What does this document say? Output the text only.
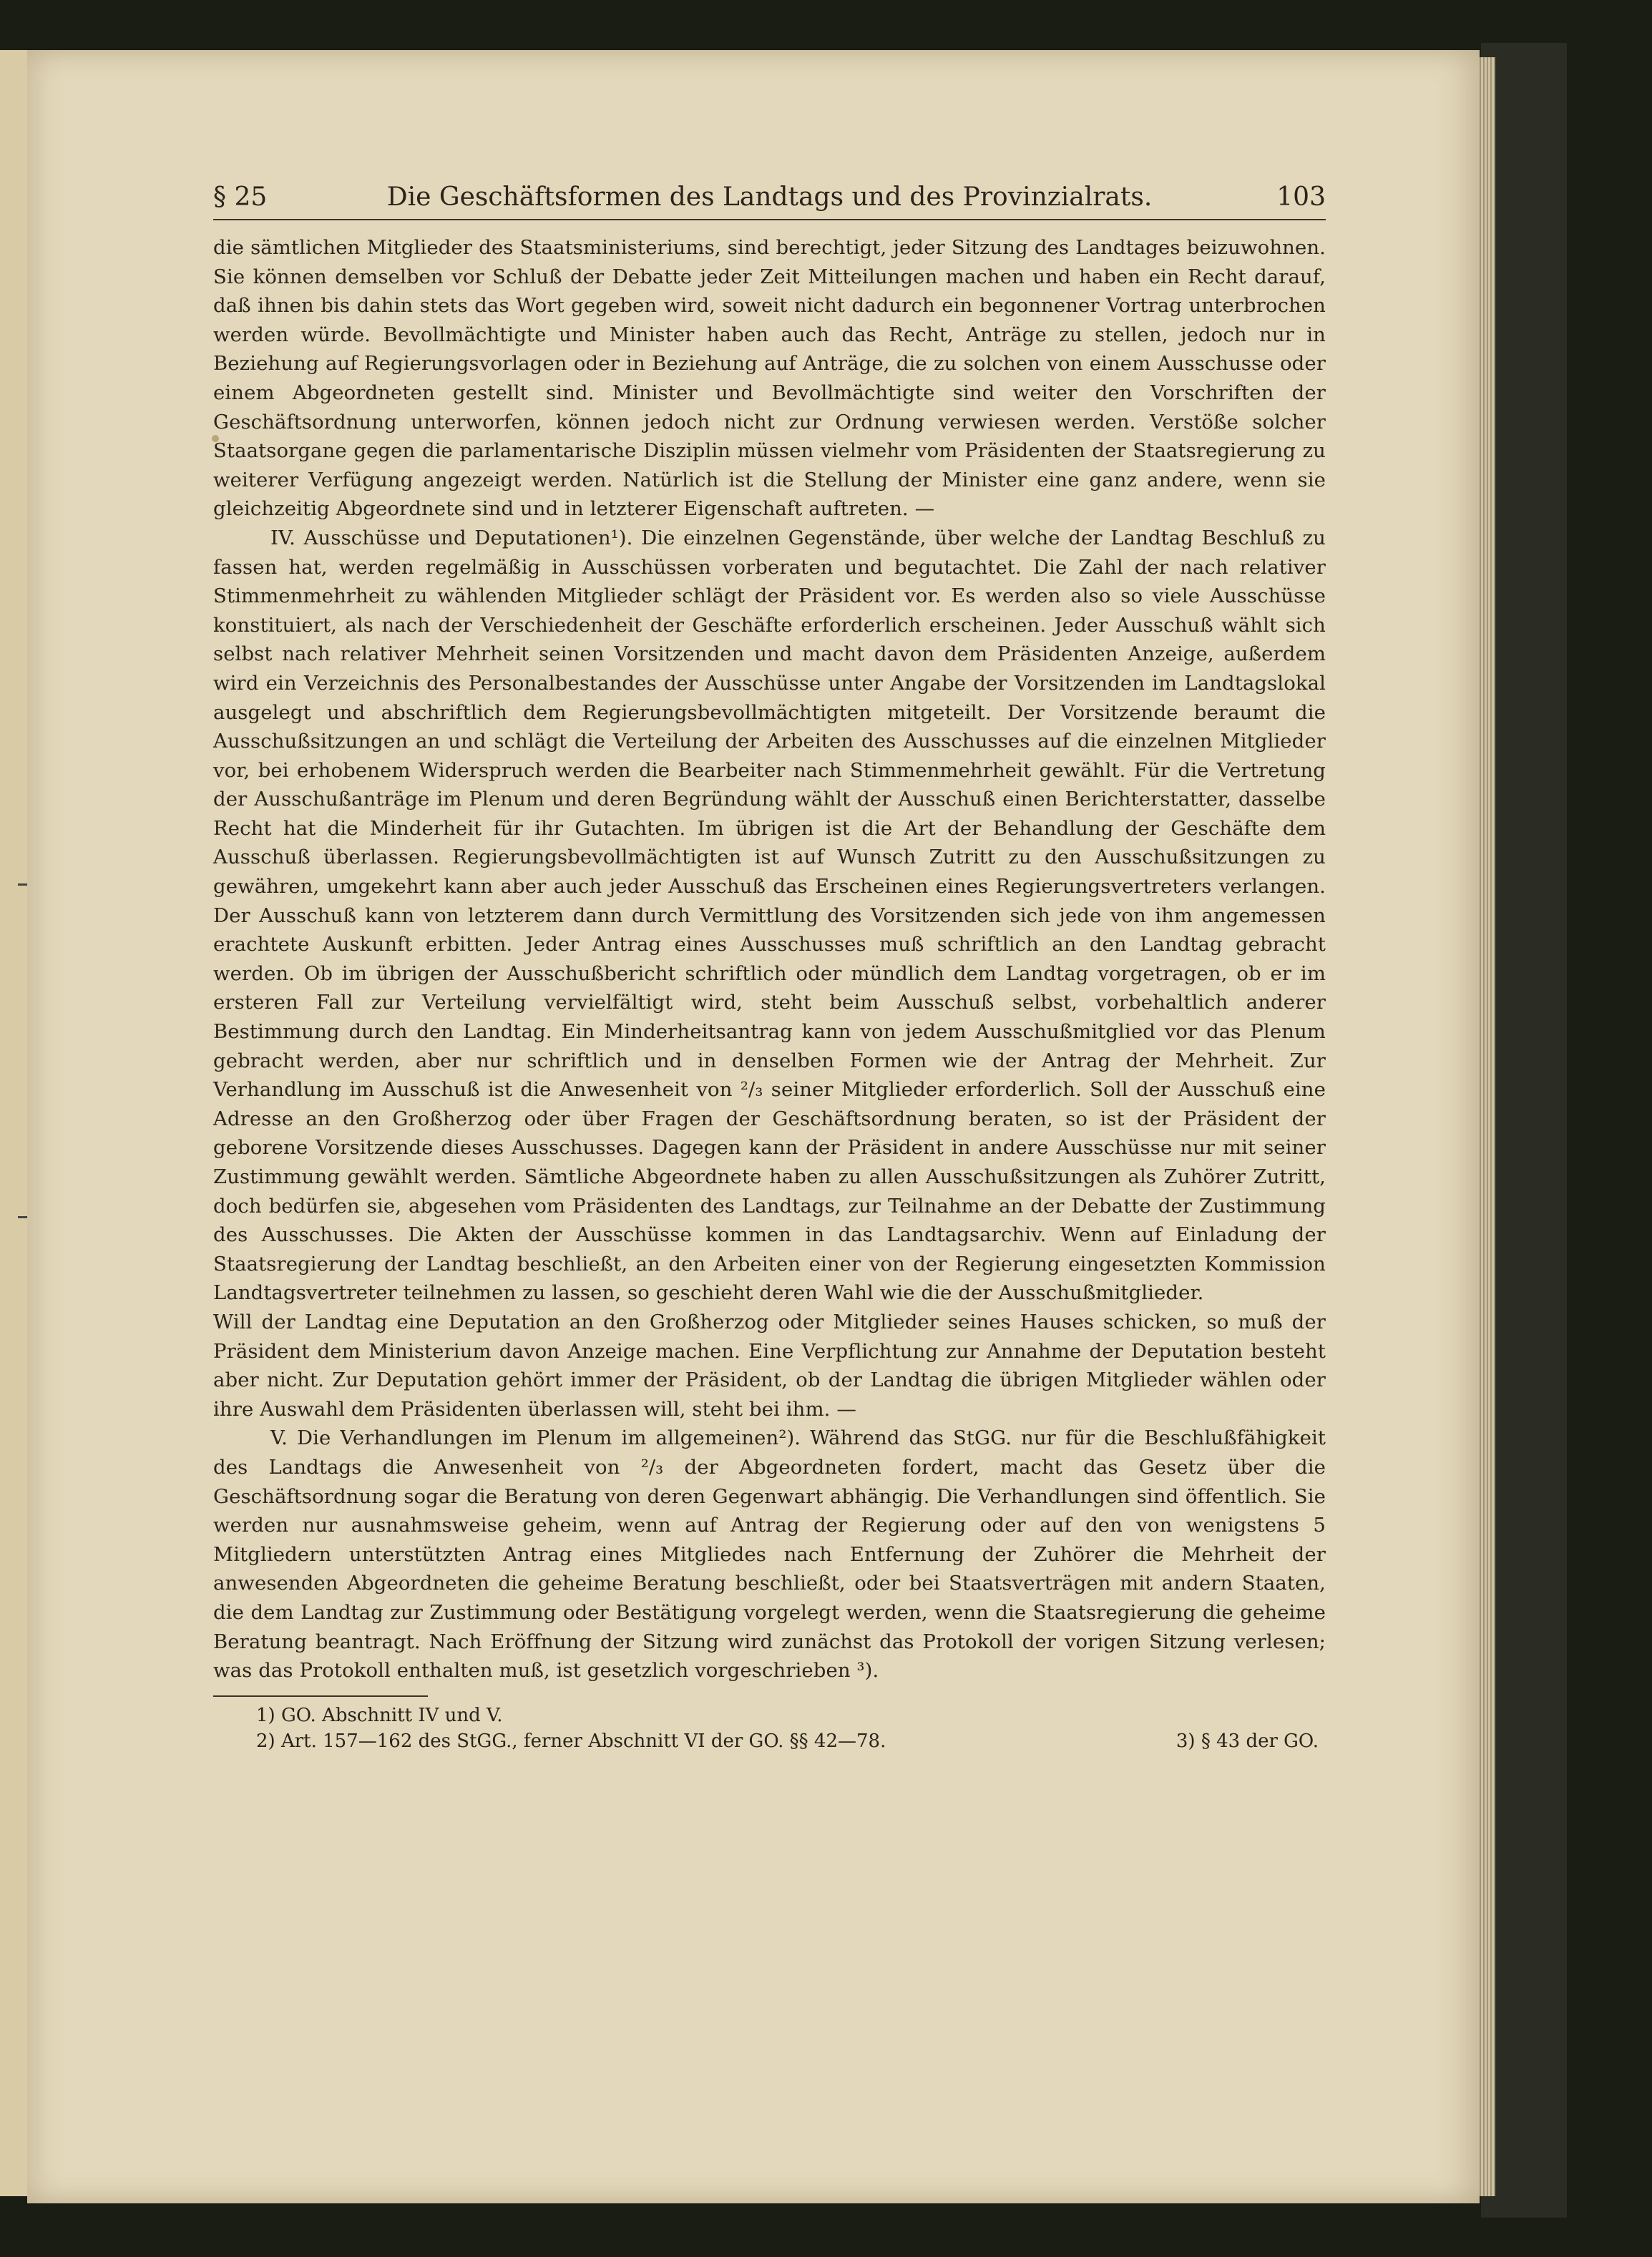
§ 25	Die Geschäftsformen des Landtags und des Provinzialrats.	103

die sämtlichen Mitglieder des Staatsministeriums, sind berechtigt, jeder Sitzung des Landtages beizuwohnen. Sie können demselben vor Schluß der Debatte jeder Zeit Mitteilungen machen und haben ein Recht darauf, daß ihnen bis dahin stets das Wort gegeben wird, soweit nicht dadurch ein begonnener Vortrag unterbrochen werden würde. Bevollmächtigte und Minister haben auch das Recht, Anträge zu stellen, jedoch nur in Beziehung auf Regierungsvorlagen oder in Beziehung auf Anträge, die zu solchen von einem Ausschusse oder einem Abgeordneten gestellt sind. Minister und Bevollmächtigte sind weiter den Vorschriften der Geschäftsordnung unterworfen, können jedoch nicht zur Ordnung verwiesen werden. Verstöße solcher Staatsorgane gegen die parlamentarische Disziplin müssen vielmehr vom Präsidenten der Staatsregierung zu weiterer Verfügung angezeigt werden. Natürlich ist die Stellung der Minister eine ganz andere, wenn sie gleichzeitig Abgeordnete sind und in letzterer Eigenschaft auftreten. —

IV. Ausschüsse und Deputationen¹). Die einzelnen Gegenstände, über welche der Landtag Beschluß zu fassen hat, werden regelmäßig in Ausschüssen vorberaten und begutachtet. Die Zahl der nach relativer Stimmenmehrheit zu wählenden Mitglieder schlägt der Präsident vor. Es werden also so viele Ausschüsse konstituiert, als nach der Verschiedenheit der Geschäfte erforderlich erscheinen. Jeder Ausschuß wählt sich selbst nach relativer Mehrheit seinen Vorsitzenden und macht davon dem Präsidenten Anzeige, außerdem wird ein Verzeichnis des Personalbestandes der Ausschüsse unter Angabe der Vorsitzenden im Landtagslokal ausgelegt und abschriftlich dem Regierungsbevollmächtigten mitgeteilt. Der Vorsitzende beraumt die Ausschußsitzungen an und schlägt die Verteilung der Arbeiten des Ausschusses auf die einzelnen Mitglieder vor, bei erhobenem Widerspruch werden die Bearbeiter nach Stimmenmehrheit gewählt. Für die Vertretung der Ausschußanträge im Plenum und deren Begründung wählt der Ausschuß einen Berichterstatter, dasselbe Recht hat die Minderheit für ihr Gutachten. Im übrigen ist die Art der Behandlung der Geschäfte dem Ausschuß überlassen. Regierungsbevollmächtigten ist auf Wunsch Zutritt zu den Ausschußsitzungen zu gewähren, umgekehrt kann aber auch jeder Ausschuß das Erscheinen eines Regierungsvertreters verlangen. Der Ausschuß kann von letzterem dann durch Vermittlung des Vorsitzenden sich jede von ihm angemessen erachtete Auskunft erbitten. Jeder Antrag eines Ausschusses muß schriftlich an den Landtag gebracht werden. Ob im übrigen der Ausschußbericht schriftlich oder mündlich dem Landtag vorgetragen, ob er im ersteren Fall zur Verteilung vervielfältigt wird, steht beim Ausschuß selbst, vorbehaltlich anderer Bestimmung durch den Landtag. Ein Minderheitsantrag kann von jedem Ausschußmitglied vor das Plenum gebracht werden, aber nur schriftlich und in denselben Formen wie der Antrag der Mehrheit. Zur Verhandlung im Ausschuß ist die Anwesenheit von ²/₃ seiner Mitglieder erforderlich. Soll der Ausschuß eine Adresse an den Großherzog oder über Fragen der Geschäftsordnung beraten, so ist der Präsident der geborene Vorsitzende dieses Ausschusses. Dagegen kann der Präsident in andere Ausschüsse nur mit seiner Zustimmung gewählt werden. Sämtliche Abgeordnete haben zu allen Ausschußsitzungen als Zuhörer Zutritt, doch bedürfen sie, abgesehen vom Präsidenten des Landtags, zur Teilnahme an der Debatte der Zustimmung des Ausschusses. Die Akten der Ausschüsse kommen in das Landtagsarchiv. Wenn auf Einladung der Staatsregierung der Landtag beschließt, an den Arbeiten einer von der Regierung eingesetzten Kommission Landtagsvertreter teilnehmen zu lassen, so geschieht deren Wahl wie die der Ausschußmitglieder.

Will der Landtag eine Deputation an den Großherzog oder Mitglieder seines Hauses schicken, so muß der Präsident dem Ministerium davon Anzeige machen. Eine Verpflichtung zur Annahme der Deputation besteht aber nicht. Zur Deputation gehört immer der Präsident, ob der Landtag die übrigen Mitglieder wählen oder ihre Auswahl dem Präsidenten überlassen will, steht bei ihm. —

V. Die Verhandlungen im Plenum im allgemeinen²). Während das StGG. nur für die Beschlußfähigkeit des Landtags die Anwesenheit von ²/₃ der Abgeordneten fordert, macht das Gesetz über die Geschäftsordnung sogar die Beratung von deren Gegenwart abhängig. Die Verhandlungen sind öffentlich. Sie werden nur ausnahmsweise geheim, wenn auf Antrag der Regierung oder auf den von wenigstens 5 Mitgliedern unterstützten Antrag eines Mitgliedes nach Entfernung der Zuhörer die Mehrheit der anwesenden Abgeordneten die geheime Beratung beschließt, oder bei Staatsverträgen mit andern Staaten, die dem Landtag zur Zustimmung oder Bestätigung vorgelegt werden, wenn die Staatsregierung die geheime Beratung beantragt. Nach Eröffnung der Sitzung wird zunächst das Protokoll der vorigen Sitzung verlesen; was das Protokoll enthalten muß, ist gesetzlich vorgeschrieben ³).

1) GO. Abschnitt IV und V.

2) Art. 157—162 des StGG., ferner Abschnitt VI der GO. §§ 42—78.	3) § 43 der GO.
